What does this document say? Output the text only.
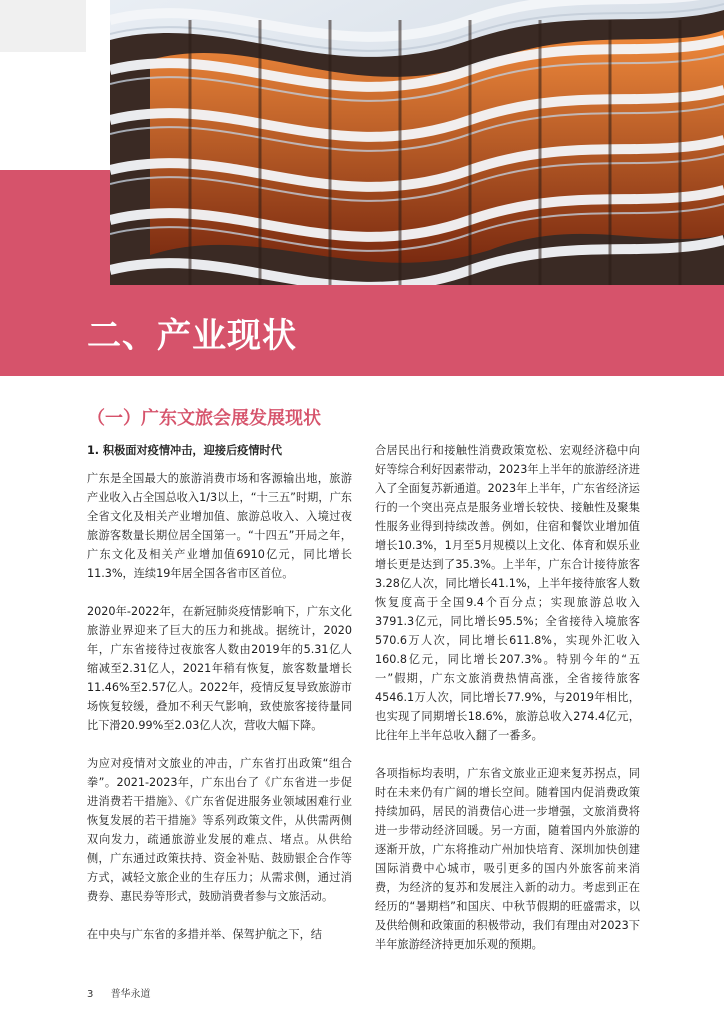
二、产业现状
（一）广东文旅会展发展现状
1. 积极面对疫情冲击，迎接后疫情时代

广东是全国最大的旅游消费市场和客源输出地，旅游产业收入占全国总收入1/3以上，“十三五”时期，广东全省文化及相关产业增加值、旅游总收入、入境过夜旅游客数量长期位居全国第一。“十四五”开局之年，广东文化及相关产业增加值6910亿元，同比增长11.3%，连续19年居全国各省市区首位。

2020年-2022年，在新冠肺炎疫情影响下，广东文化旅游业界迎来了巨大的压力和挑战。据统计，2020年，广东省接待过夜旅客人数由2019年的5.31亿人缩减至2.31亿人，2021年稍有恢复，旅客数量增长11.46%至2.57亿人。2022年，疫情反复导致旅游市场恢复较缓，叠加不利天气影响，致使旅客接待量同比下滑20.99%至2.03亿人次，营收大幅下降。

为应对疫情对文旅业的冲击，广东省打出政策“组合拳”。2021-2023年，广东出台了《广东省进一步促进消费若干措施》、《广东省促进服务业领域困难行业恢复发展的若干措施》等系列政策文件，从供需两侧双向发力，疏通旅游业发展的难点、堵点。从供给侧，广东通过政策扶持、资金补贴、鼓励银企合作等方式，减轻文旅企业的生存压力；从需求侧，通过消费券、惠民券等形式，鼓励消费者参与文旅活动。

在中央与广东省的多措并举、保驾护航之下，结

合居民出行和接触性消费政策宽松、宏观经济稳中向好等综合利好因素带动，2023年上半年的旅游经济进入了全面复苏新通道。2023年上半年，广东省经济运行的一个突出亮点是服务业增长较快、接触性及聚集性服务业得到持续改善。例如，住宿和餐饮业增加值增长10.3%，1月至5月规模以上文化、体育和娱乐业增长更是达到了35.3%。上半年，广东合计接待旅客3.28亿人次，同比增长41.1%，上半年接待旅客人数恢复度高于全国9.4个百分点；实现旅游总收入3791.3亿元，同比增长95.5%；全省接待入境旅客570.6万人次，同比增长611.8%，实现外汇收入160.8亿元，同比增长207.3%。特别今年的“五一”假期，广东文旅消费热情高涨，全省接待旅客4546.1万人次，同比增长77.9%，与2019年相比，也实现了同期增长18.6%，旅游总收入274.4亿元，比往年上半年总收入翻了一番多。

各项指标均表明，广东省文旅业正迎来复苏拐点，同时在未来仍有广阔的增长空间。随着国内促消费政策持续加码，居民的消费信心进一步增强，文旅消费将进一步带动经济回暖。另一方面，随着国内外旅游的逐渐开放，广东将推动广州加快培育、深圳加快创建国际消费中心城市，吸引更多的国内外旅客前来消费，为经济的复苏和发展注入新的动力。考虑到正在经历的“暑期档”和国庆、中秋节假期的旺盛需求，以及供给侧和政策面的积极带动，我们有理由对2023下半年旅游经济持更加乐观的预期。

3 普华永道
